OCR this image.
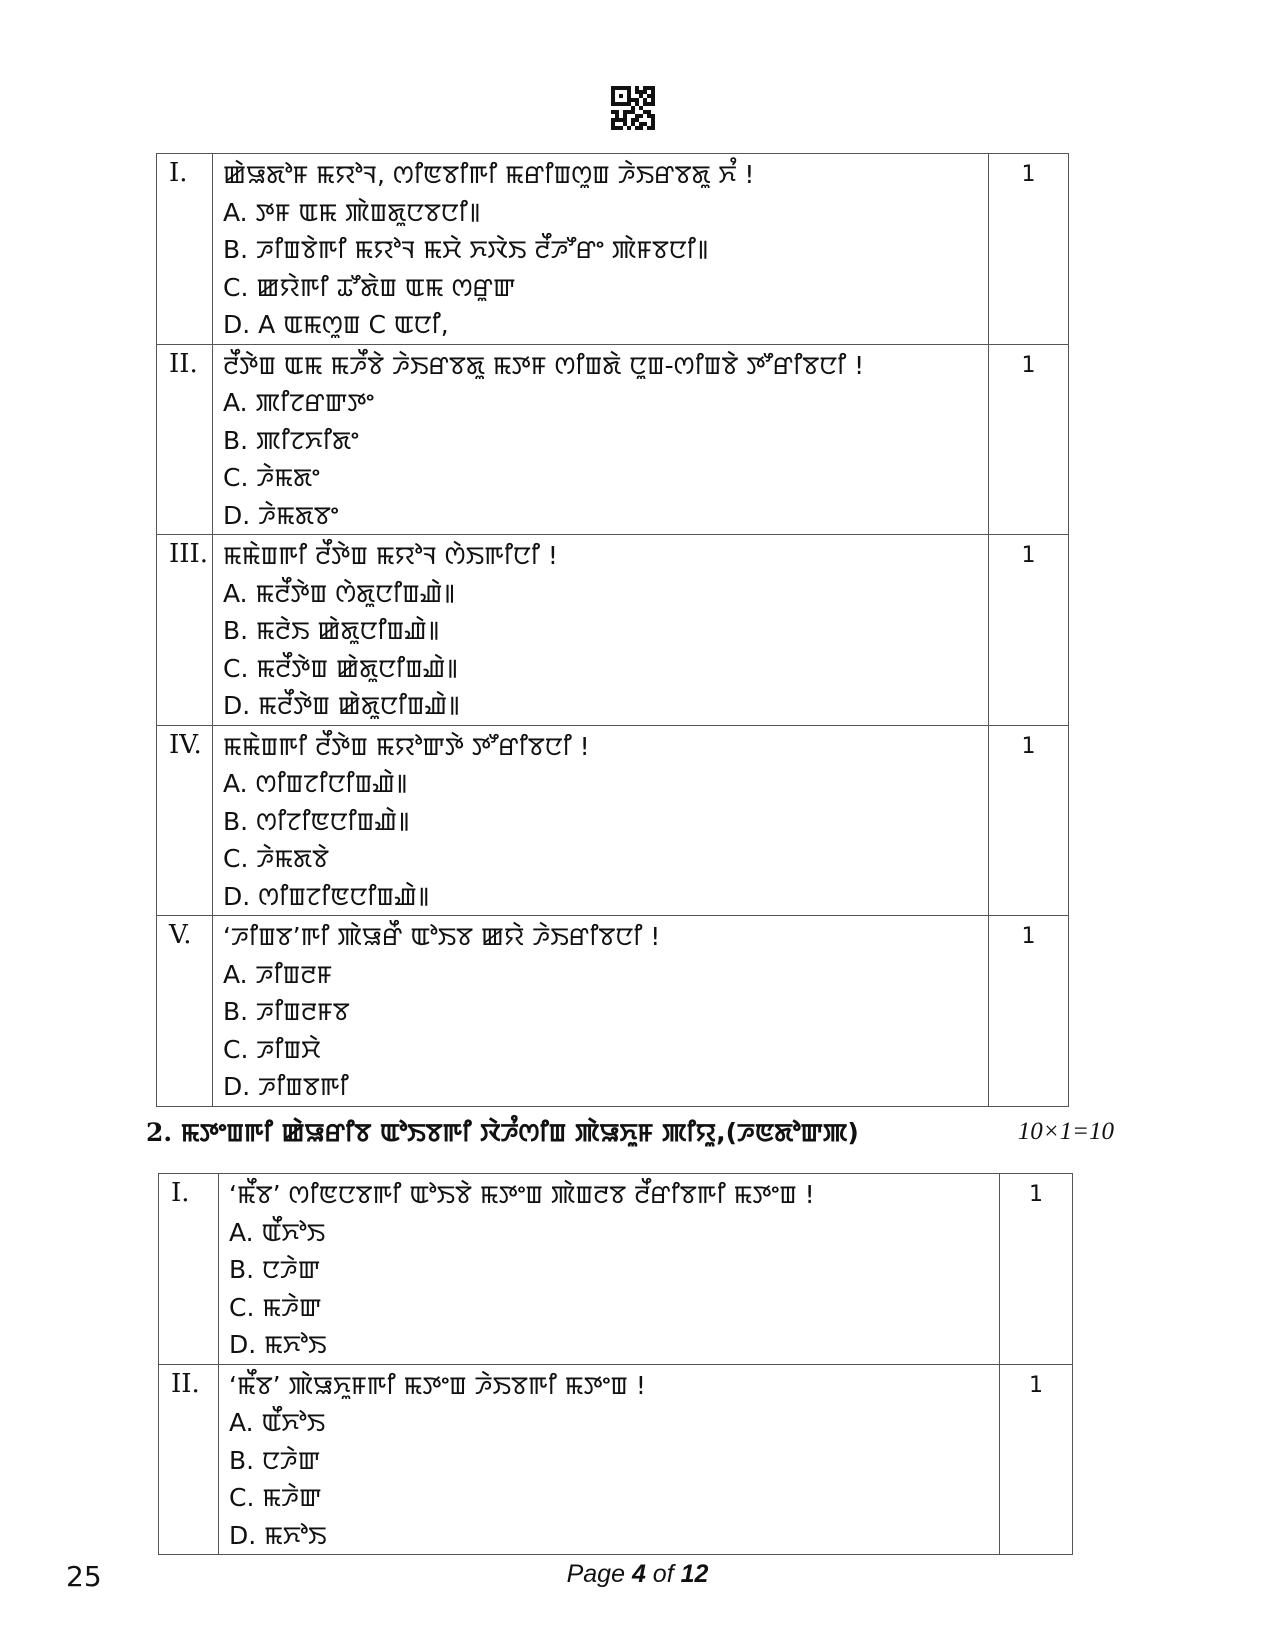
I.	ꯀꯥꯎꯗꯣꯝ ꯃꯌꯣꯜ, ꯁꯤꯟꯕꯤꯒꯤ ꯃꯔꯤꯡꯁꯨꯡ ꯍꯥꯏꯔꯕꯗꯨ ꯈꯪ !
A. ꯇꯝ ꯑꯃ ꯄꯥꯡꯗꯨꯅꯕꯅꯤ꯫
B. ꯍꯤꯡꯕꯥꯒꯤ ꯃꯌꯣꯜ ꯃꯆꯥ ꯈꯋꯥꯏ ꯂꯩꯍꯧꯔꯦ ꯄꯥꯝꯕꯅꯤ꯫
C. ꯀꯌꯥꯒꯤ ꯊꯧꯗꯥꯡ ꯑꯃ ꯁꯔꯨꯛ
D. A ꯑꯃꯁꯨꯡ C ꯑꯅꯤ,	1
II.	ꯂꯩꯇꯥꯡ ꯑꯃ ꯃꯍꯩꯕꯥ ꯍꯥꯏꯔꯕꯗꯨ ꯃꯇꯝ ꯁꯤꯡꯗꯥ ꯅꯨꯡ-ꯁꯤꯡꯕꯥ ꯇꯧꯔꯤꯕꯅꯤ !
A. ꯄꯤꯖꯔꯛꯇꯦ
B. ꯄꯤꯖꯈꯤꯗꯦ
C. ꯍꯥꯃꯗꯦ
D. ꯍꯥꯃꯗꯕꯦ	1
III.	ꯃꯃꯥꯡꯒꯤ ꯂꯩꯇꯥꯡ ꯃꯌꯣꯜ ꯁꯥꯏꯒꯤꯅꯤ !
A. ꯃꯂꯩꯇꯥꯡ ꯁꯥꯗꯨꯅꯤꯡꯉꯥ꯫
B. ꯃꯂꯥꯏ ꯀꯥꯗꯨꯅꯤꯡꯉꯥ꯫
C. ꯃꯂꯩꯇꯥꯡ ꯀꯥꯗꯨꯅꯤꯡꯉꯥ꯫
D. ꯃꯂꯩꯇꯥꯡ ꯀꯥꯗꯨꯅꯤꯡꯉꯥ꯫	1
IV.	ꯃꯃꯥꯡꯒꯤ ꯂꯩꯇꯥꯡ ꯃꯌꯣꯛꯇꯥ ꯇꯧꯔꯤꯕꯅꯤ !
A. ꯁꯤꯡꯖꯤꯅꯤꯡꯉꯥ꯫
B. ꯁꯤꯖꯤꯟꯅꯤꯡꯉꯥ꯫
C. ꯍꯥꯃꯗꯕꯥ
D. ꯁꯤꯡꯖꯤꯟꯅꯤꯡꯉꯥ꯫	1
V.	‘ꯍꯤꯡꯕ’ꯒꯤ ꯄꯥꯎꯔꯩ ꯑꯣꯏꯕ ꯀꯌꯥ ꯍꯥꯏꯔꯤꯕꯅꯤ !
A. ꯍꯤꯡꯂꯝ
B. ꯍꯤꯡꯂꯝꯕ
C. ꯍꯤꯡꯆꯥ
D. ꯍꯤꯡꯕꯒꯤ	1
2. ꯃꯇꯦꯡꯒꯤ ꯀꯥꯎꯔꯤꯕ ꯑꯣꯏꯕꯒꯤ ꯋꯥꯍꯪꯁꯤꯡ ꯄꯥꯎꯈꯨꯝ ꯄꯤꯌꯨ,(ꯍꯟꯗꯣꯛꯄ)	10×1=10
I.	‘ꯃꯩꯕ’ ꯁꯤꯟꯅꯕꯒꯤ ꯑꯣꯏꯕꯥ ꯃꯇꯦꯡ ꯄꯥꯡꯂꯕ ꯂꯩꯔꯤꯕꯒꯤ ꯃꯇꯦꯡ !
A. ꯑꯩꯈꯣꯏ
B. ꯅꯍꯥꯛ
C. ꯃꯍꯥꯛ
D. ꯃꯈꯣꯏ	1
II.	‘ꯃꯩꯕ’ ꯄꯥꯎꯈꯨꯝꯒꯤ ꯃꯇꯦꯡ ꯍꯥꯏꯕꯒꯤ ꯃꯇꯦꯡ !
A. ꯑꯩꯈꯣꯏ
B. ꯅꯍꯥꯛ
C. ꯃꯍꯥꯛ
D. ꯃꯈꯣꯏ	1
25	Page 4 of 12
